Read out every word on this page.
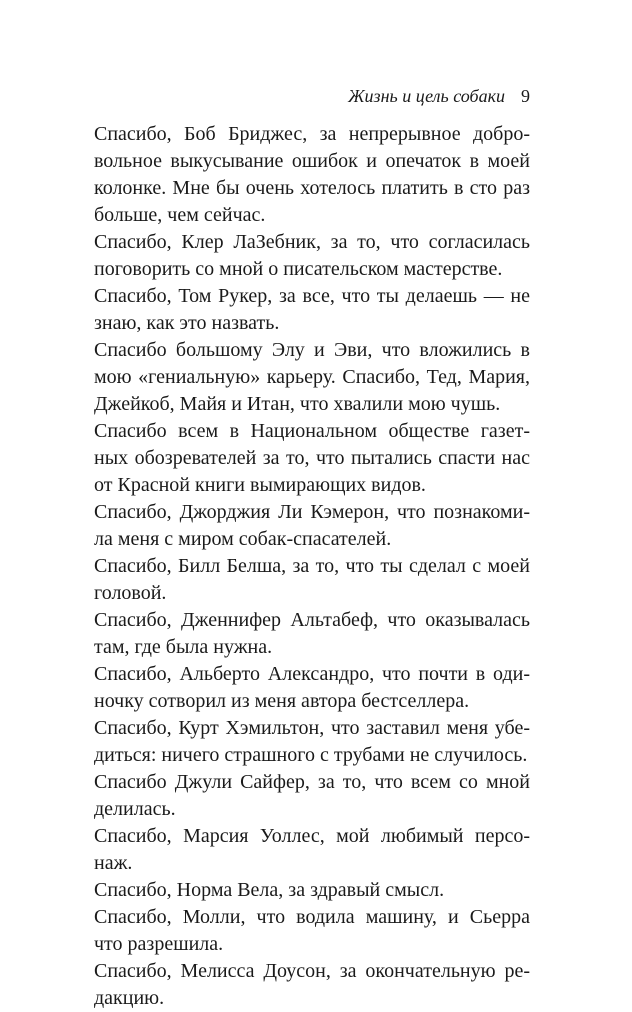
Жизнь и цель собаки 9
Спасибо, Боб Бриджес, за непрерывное добро-
вольное выкусывание ошибок и опечаток в моей
колонке. Мне бы очень хотелось платить в сто раз
больше, чем сейчас.
Спасибо, Клер ЛаЗебник, за то, что согласилась
поговорить со мной о писательском мастерстве.
Спасибо, Том Рукер, за все, что ты делаешь — не
знаю, как это назвать.
Спасибо большому Элу и Эви, что вложились в
мою «гениальную» карьеру. Спасибо, Тед, Мария,
Джейкоб, Майя и Итан, что хвалили мою чушь.
Спасибо всем в Национальном обществе газет-
ных обозревателей за то, что пытались спасти нас
от Красной книги вымирающих видов.
Спасибо, Джорджия Ли Кэмерон, что познакоми-
ла меня с миром собак-спасателей.
Спасибо, Билл Белша, за то, что ты сделал с моей
головой.
Спасибо, Дженнифер Альтабеф, что оказывалась
там, где была нужна.
Спасибо, Альберто Александро, что почти в оди-
ночку сотворил из меня автора бестселлера.
Спасибо, Курт Хэмильтон, что заставил меня убе-
диться: ничего страшного с трубами не случилось.
Спасибо Джули Сайфер, за то, что всем со мной
делилась.
Спасибо, Марсия Уоллес, мой любимый персо-
наж.
Спасибо, Норма Вела, за здравый смысл.
Спасибо, Молли, что водила машину, и Сьерра
что разрешила.
Спасибо, Мелисса Доусон, за окончательную ре-
дакцию.
